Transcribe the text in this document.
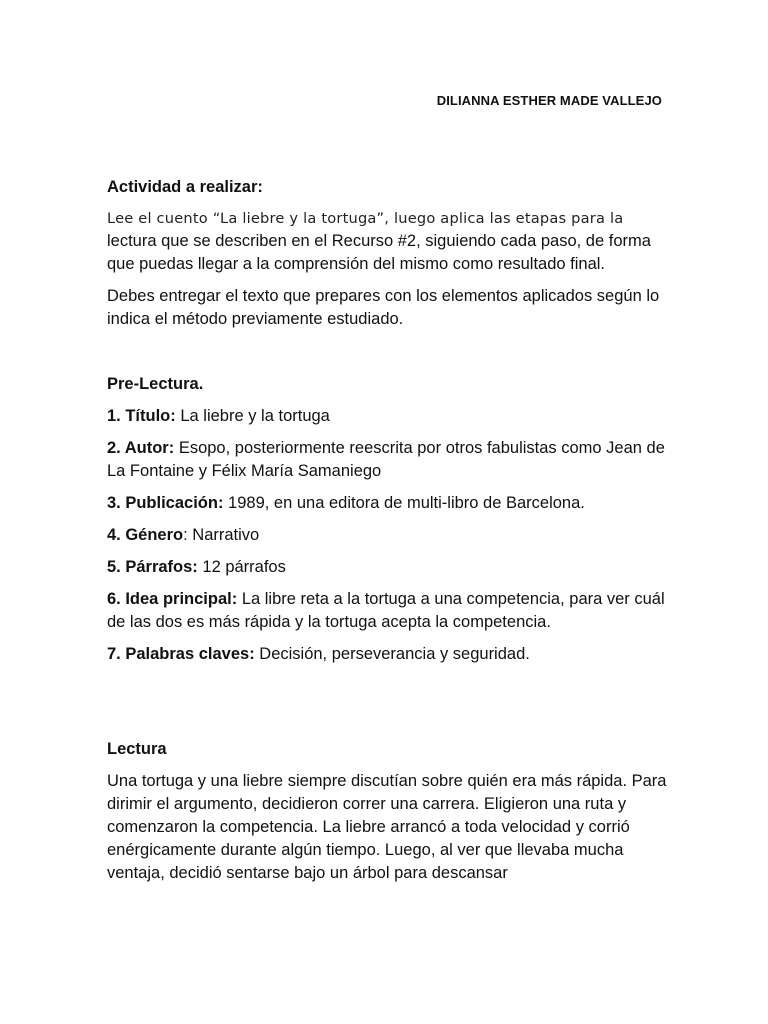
DILIANNA ESTHER MADE VALLEJO

Actividad a realizar:

Lee el cuento “La liebre y la tortuga”, luego aplica las etapas para la
lectura que se describen en el Recurso #2, siguiendo cada paso, de forma que puedas llegar a la comprensión del mismo como resultado final.

Debes entregar el texto que prepares con los elementos aplicados según lo indica el método previamente estudiado.

Pre-Lectura.

1. Título: La liebre y la tortuga

2. Autor: Esopo, posteriormente reescrita por otros fabulistas como Jean de La Fontaine y Félix María Samaniego

3. Publicación: 1989, en una editora de multi-libro de Barcelona.

4. Género: Narrativo

5. Párrafos: 12 párrafos

6. Idea principal: La libre reta a la tortuga a una competencia, para ver cuál de las dos es más rápida y la tortuga acepta la competencia.

7. Palabras claves: Decisión, perseverancia y seguridad.

Lectura

Una tortuga y una liebre siempre discutían sobre quién era más rápida. Para dirimir el argumento, decidieron correr una carrera. Eligieron una ruta y comenzaron la competencia. La liebre arrancó a toda velocidad y corrió enérgicamente durante algún tiempo. Luego, al ver que llevaba mucha ventaja, decidió sentarse bajo un árbol para descansar
